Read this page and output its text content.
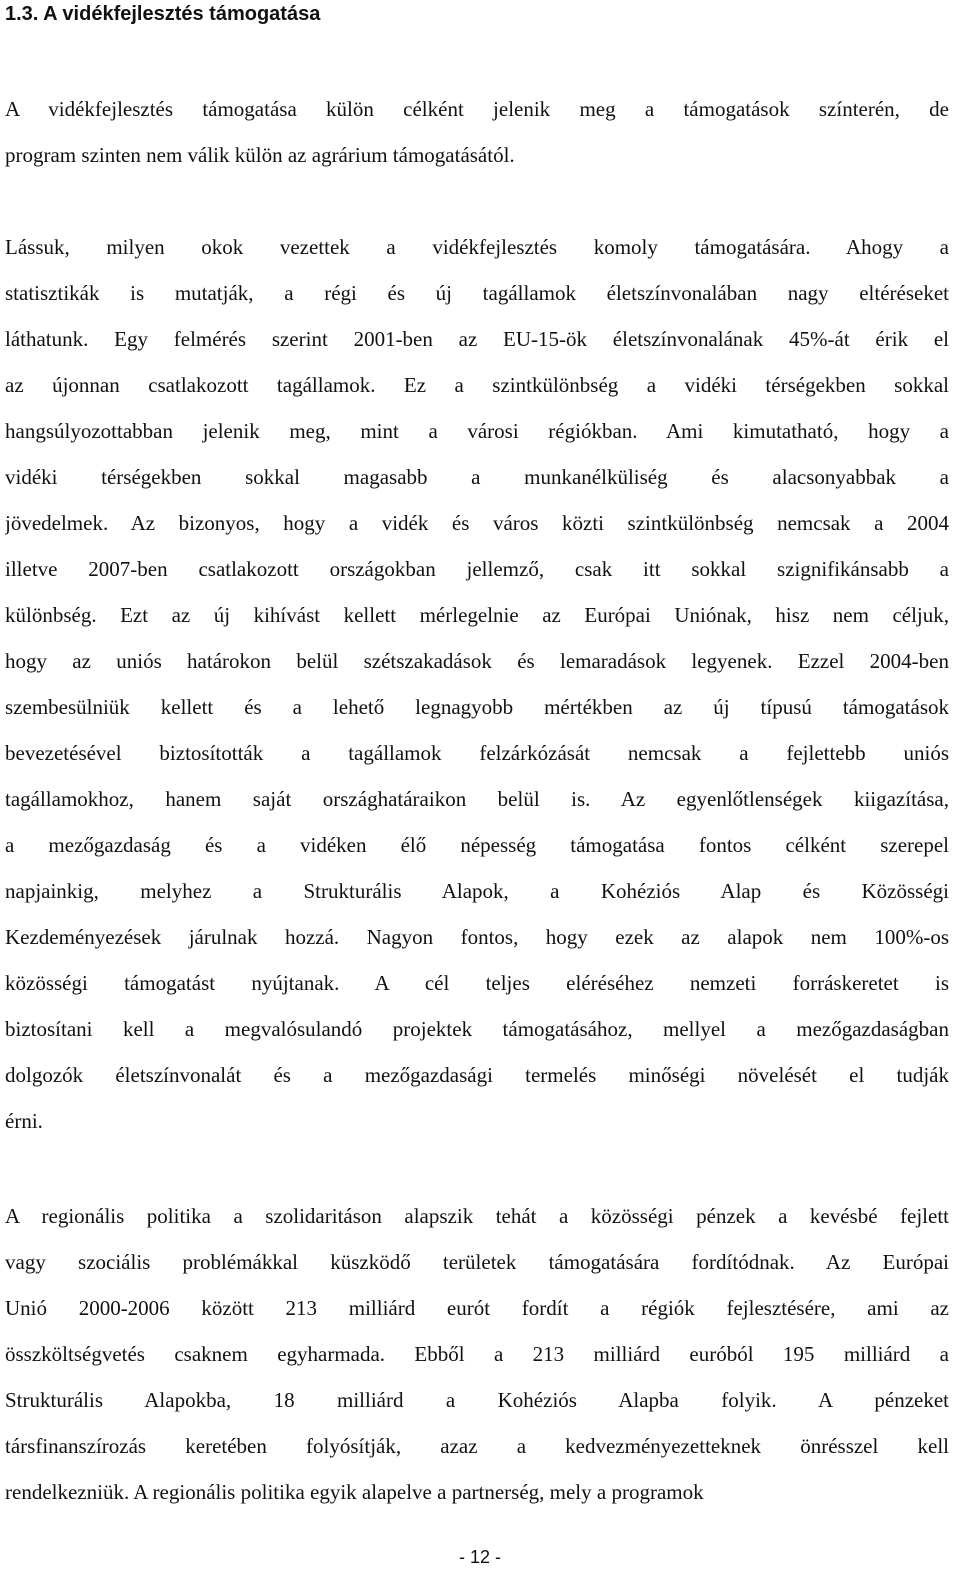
1.3. A vidékfejlesztés támogatása
A vidékfejlesztés támogatása külön célként jelenik meg a támogatások színterén, de
program szinten nem válik külön az agrárium támogatásától.
Lássuk, milyen okok vezettek a vidékfejlesztés komoly támogatására. Ahogy a
statisztikák is mutatják, a régi és új tagállamok életszínvonalában nagy eltéréseket
láthatunk. Egy felmérés szerint 2001-ben az EU-15-ök életszínvonalának 45%-át érik el
az újonnan csatlakozott tagállamok. Ez a szintkülönbség a vidéki térségekben sokkal
hangsúlyozottabban jelenik meg, mint a városi régiókban. Ami kimutatható, hogy a
vidéki térségekben sokkal magasabb a munkanélküliség és alacsonyabbak a
jövedelmek. Az bizonyos, hogy a vidék és város közti szintkülönbség nemcsak a 2004
illetve 2007-ben csatlakozott országokban jellemző, csak itt sokkal szignifikánsabb a
különbség. Ezt az új kihívást kellett mérlegelnie az Európai Uniónak, hisz nem céljuk,
hogy az uniós határokon belül szétszakadások és lemaradások legyenek. Ezzel 2004-ben
szembesülniük kellett és a lehető legnagyobb mértékben az új típusú támogatások
bevezetésével biztosították a tagállamok felzárkózását nemcsak a fejlettebb uniós
tagállamokhoz, hanem saját országhatáraikon belül is. Az egyenlőtlenségek kiigazítása,
a mezőgazdaság és a vidéken élő népesség támogatása fontos célként szerepel
napjainkig, melyhez a Strukturális Alapok, a Kohéziós Alap és Közösségi
Kezdeményezések járulnak hozzá. Nagyon fontos, hogy ezek az alapok nem 100%-os
közösségi támogatást nyújtanak. A cél teljes eléréséhez nemzeti forráskeretet is
biztosítani kell a megvalósulandó projektek támogatásához, mellyel a mezőgazdaságban
dolgozók életszínvonalát és a mezőgazdasági termelés minőségi növelését el tudják
érni.
A regionális politika a szolidaritáson alapszik tehát a közösségi pénzek a kevésbé fejlett
vagy szociális problémákkal küszködő területek támogatására fordítódnak. Az Európai
Unió 2000-2006 között 213 milliárd eurót fordít a régiók fejlesztésére, ami az
összköltségvetés csaknem egyharmada. Ebből a 213 milliárd euróból 195 milliárd a
Strukturális Alapokba, 18 milliárd a Kohéziós Alapba folyik. A pénzeket
társfinanszírozás keretében folyósítják, azaz a kedvezményezetteknek önrésszel kell
rendelkezniük. A regionális politika egyik alapelve a partnerség, mely a programok
- 12 -
